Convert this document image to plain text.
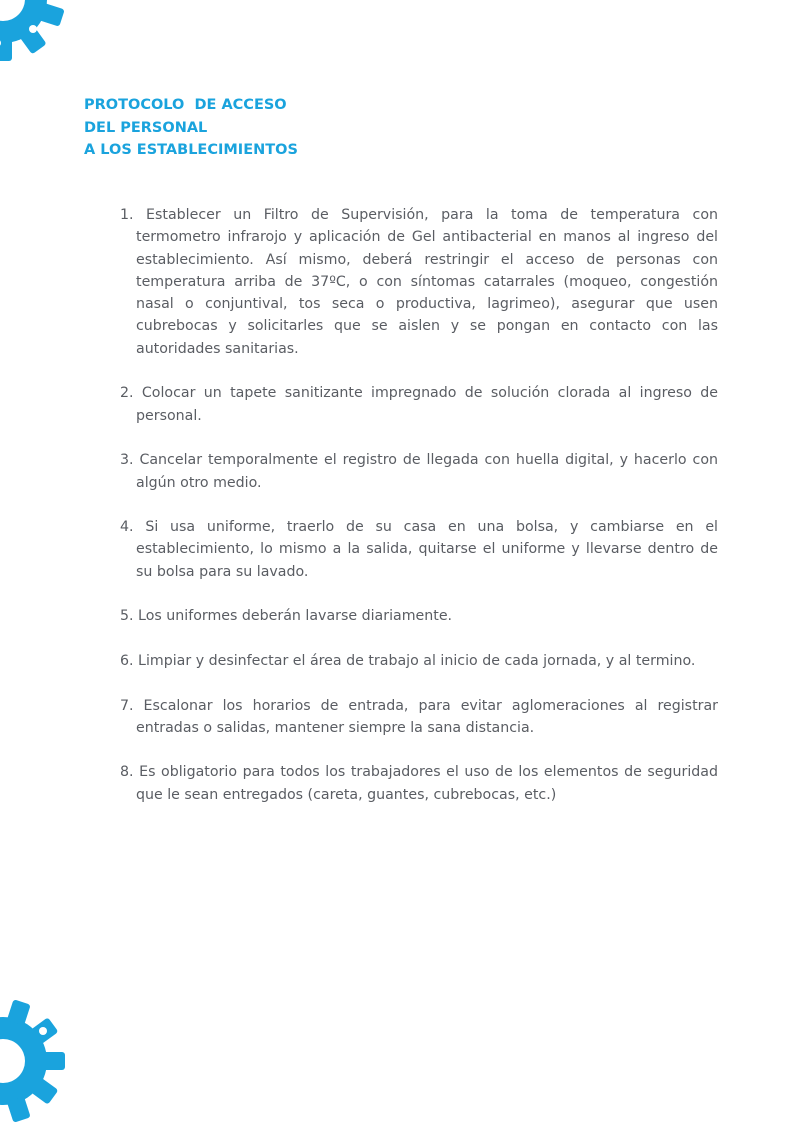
PROTOCOLO  DE ACCESO
DEL PERSONAL
A LOS ESTABLECIMIENTOS
1. Establecer un Filtro de Supervisión, para la toma de temperatura con termometro infrarojo y aplicación de Gel antibacterial en manos al ingreso del establecimiento. Así mismo, deberá restringir el acceso de personas con temperatura arriba de 37ºC, o con síntomas catarrales (moqueo, congestión nasal o conjuntival, tos seca o productiva, lagrimeo), asegurar que usen cubrebocas y solicitarles que se aislen y se pongan en contacto con las autoridades sanitarias.
2. Colocar un tapete sanitizante impregnado de solución clorada al ingreso de personal.
3. Cancelar temporalmente el registro de llegada con huella digital, y hacerlo con algún otro medio.
4. Si usa uniforme, traerlo de su casa en una bolsa, y cambiarse en el establecimiento, lo mismo a la salida, quitarse el uniforme y llevarse dentro de su bolsa para su lavado.
5. Los uniformes deberán lavarse diariamente.
6. Limpiar y desinfectar el área de trabajo al inicio de cada jornada, y al termino.
7. Escalonar los horarios de entrada, para evitar aglomeraciones al registrar entradas o salidas, mantener siempre la sana distancia.
8. Es obligatorio para todos los trabajadores el uso de los elementos de seguridad que le sean entregados (careta, guantes, cubrebocas, etc.)
